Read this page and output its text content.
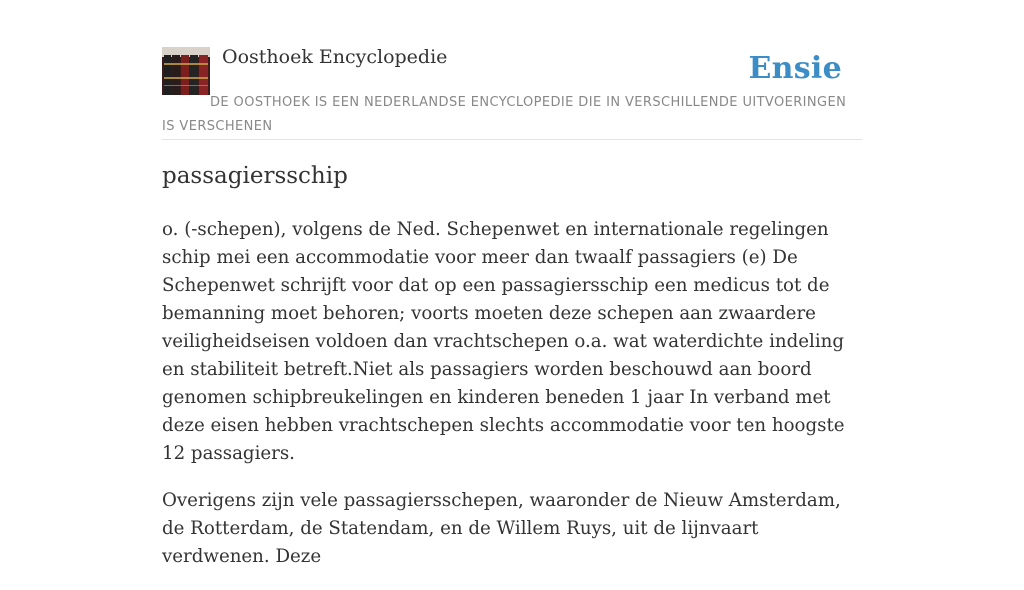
Oosthoek Encyclopedie	Ensie
DE OOSTHOEK IS EEN NEDERLANDSE ENCYCLOPEDIE DIE IN VERSCHILLENDE UITVOERINGEN IS VERSCHENEN
passagiersschip

o. (-schepen), volgens de Ned. Schepenwet en internationale regelingen schip mei een accommodatie voor meer dan twaalf passagiers (e) De Schepenwet schrijft voor dat op een passagiersschip een medicus tot de bemanning moet behoren; voorts moeten deze schepen aan zwaardere veiligheidseisen voldoen dan vrachtschepen o.a. wat waterdichte indeling en stabiliteit betreft.Niet als passagiers worden beschouwd aan boord genomen schipbreukelingen en kinderen beneden 1 jaar In verband met deze eisen hebben vrachtschepen slechts accommodatie voor ten hoogste 12 passagiers.

Overigens zijn vele passagiersschepen, waaronder de Nieuw Amsterdam, de Rotterdam, de Statendam, en de Willem Ruys, uit de lijnvaart verdwenen. Deze
